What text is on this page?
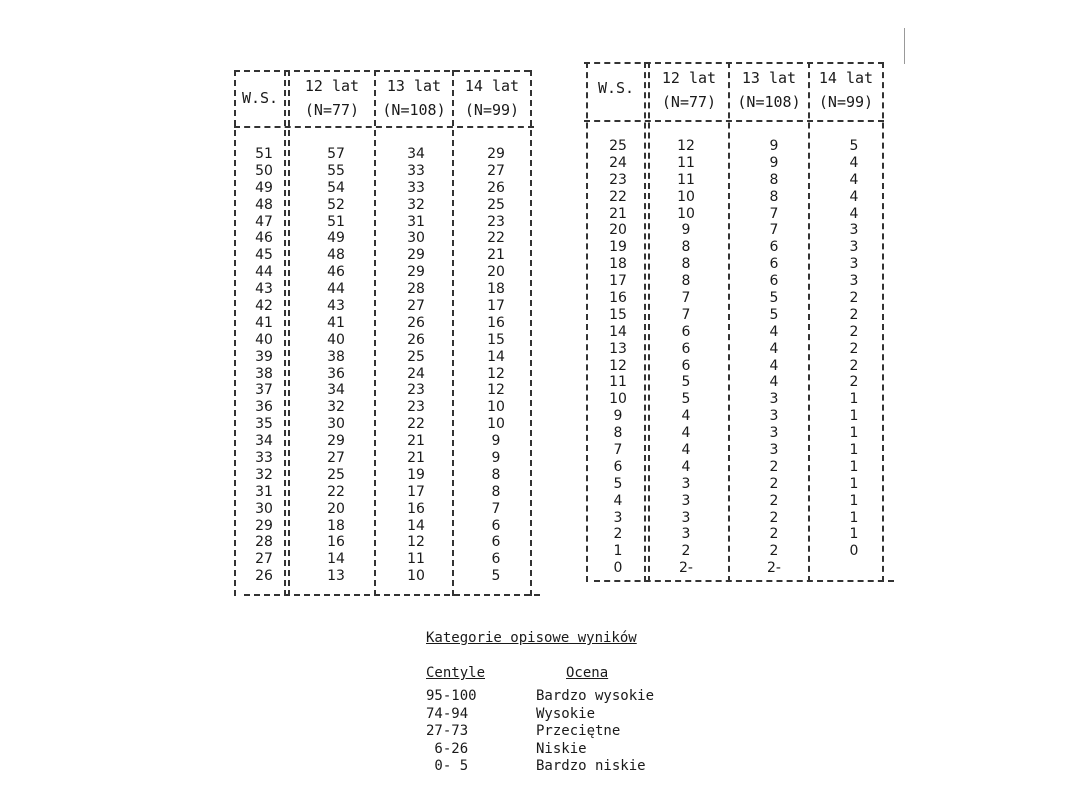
W.S.
12 lat
(N=77)
13 lat
(N=108)
14 lat
(N=99)
51
50
49
48
47
46
45
44
43
42
41
40
39
38
37
36
35
34
33
32
31
30
29
28
27
26
57
55
54
52
51
49
48
46
44
43
41
40
38
36
34
32
30
29
27
25
22
20
18
16
14
13
34
33
33
32
31
30
29
29
28
27
26
26
25
24
23
23
22
21
21
19
17
16
14
12
11
10
29
27
26
25
23
22
21
20
18
17
16
15
14
12
12
10
10
9
9
8
8
7
6
6
6
5
W.S.
12 lat
(N=77)
13 lat
(N=108)
14 lat
(N=99)
25
24
23
22
21
20
19
18
17
16
15
14
13
12
11
10
9
8
7
6
5
4
3
2
1
0
12
11
11
10
10
9
8
8
8
7
7
6
6
6
5
5
4
4
4
4
3
3
3
3
2
2-
9
9
8
8
7
7
6
6
6
5
5
4
4
4
4
3
3
3
3
2
2
2
2
2
2
2-
5
4
4
4
4
3
3
3
3
2
2
2
2
2
2
1
1
1
1
1
1
1
1
1
0
Kategorie opisowe wyników
Centyle	Ocena
95-100
74-94
27-73
6-26
0- 5
Bardzo wysokie
Wysokie
Przeciętne
Niskie
Bardzo niskie
